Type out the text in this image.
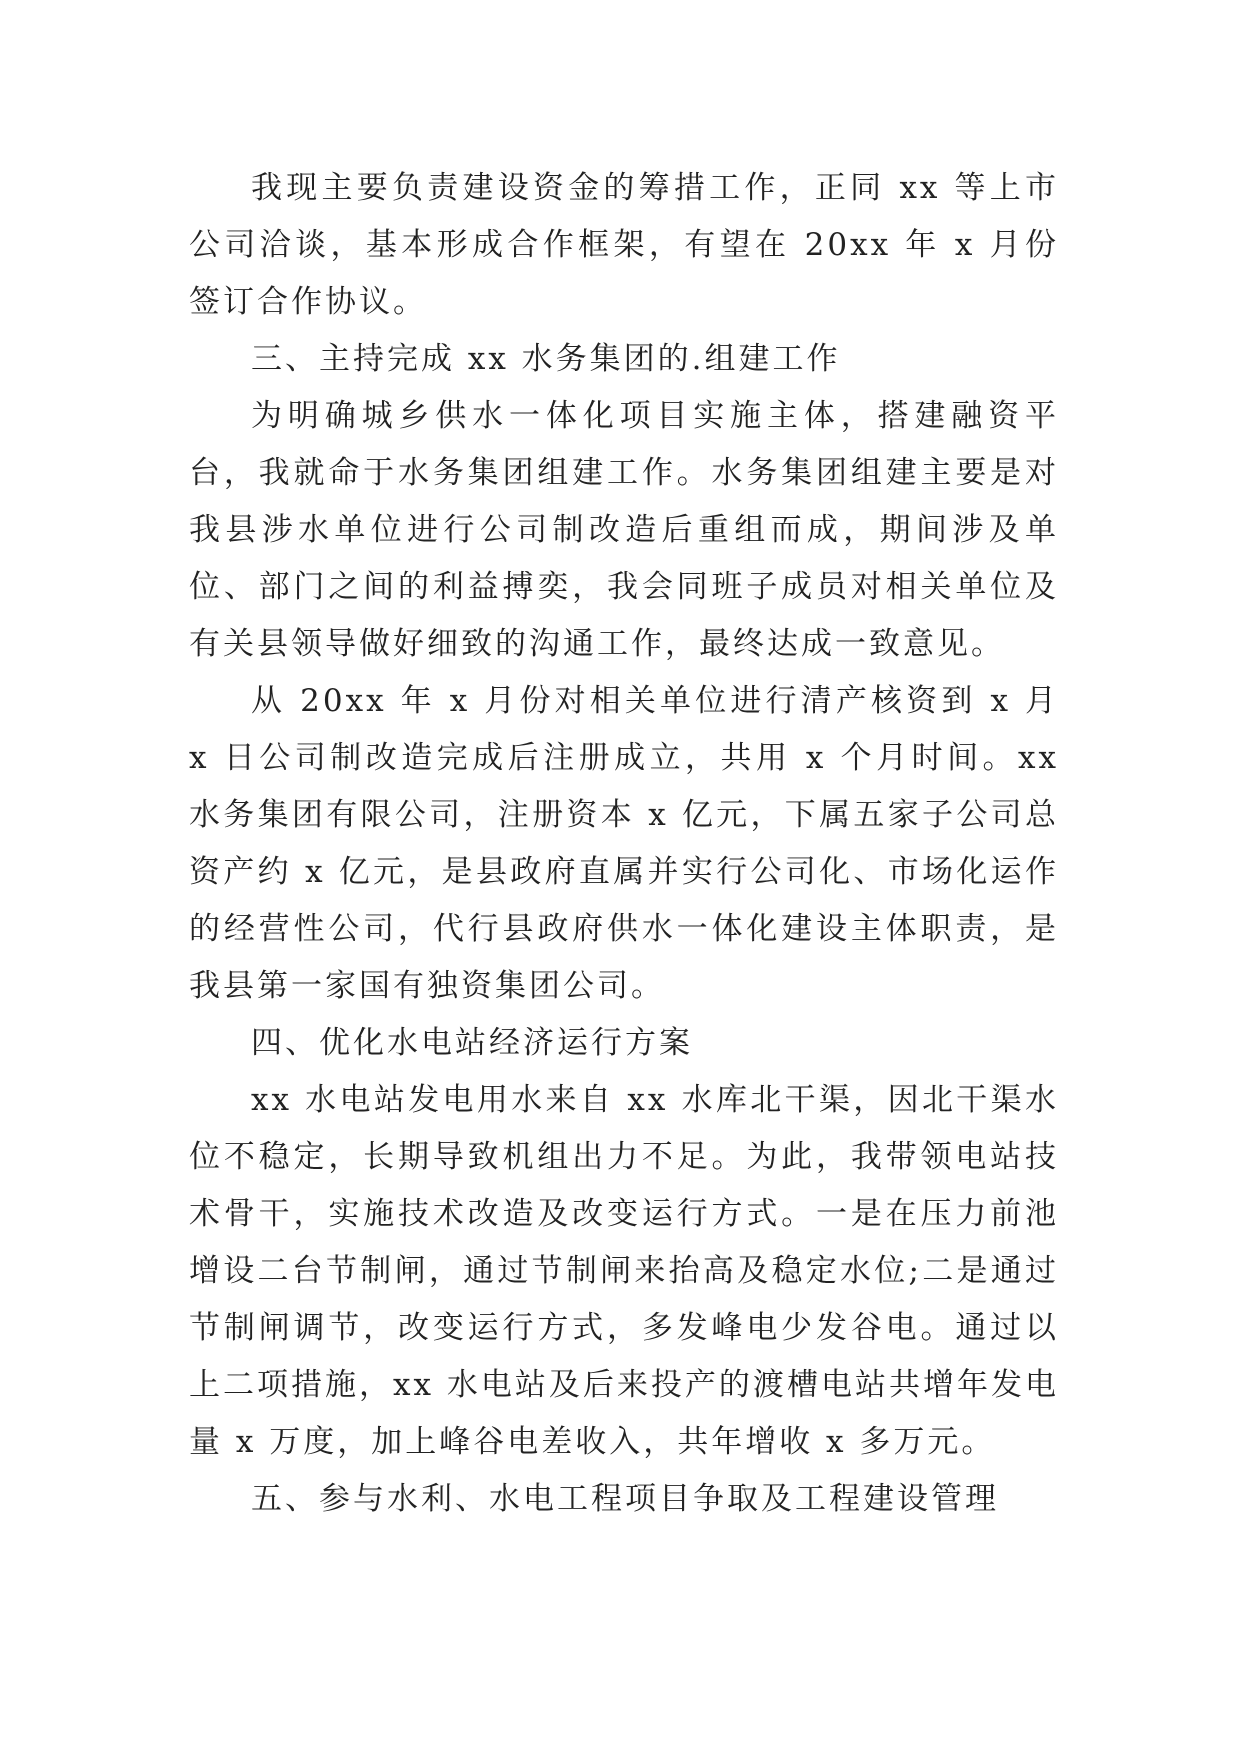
我现主要负责建设资金的筹措工作，正同 xx 等上市公司洽谈，基本形成合作框架，有望在 20xx 年 x 月份签订合作协议。

三、主持完成 xx 水务集团的.组建工作

为明确城乡供水一体化项目实施主体，搭建融资平台，我就命于水务集团组建工作。水务集团组建主要是对我县涉水单位进行公司制改造后重组而成，期间涉及单位、部门之间的利益搏奕，我会同班子成员对相关单位及有关县领导做好细致的沟通工作，最终达成一致意见。

从 20xx 年 x 月份对相关单位进行清产核资到 x 月 x 日公司制改造完成后注册成立，共用 x 个月时间。xx 水务集团有限公司，注册资本 x 亿元，下属五家子公司总资产约 x 亿元，是县政府直属并实行公司化、市场化运作的经营性公司，代行县政府供水一体化建设主体职责，是我县第一家国有独资集团公司。

四、优化水电站经济运行方案

xx 水电站发电用水来自 xx 水库北干渠，因北干渠水位不稳定，长期导致机组出力不足。为此，我带领电站技术骨干，实施技术改造及改变运行方式。一是在压力前池增设二台节制闸，通过节制闸来抬高及稳定水位;二是通过节制闸调节，改变运行方式，多发峰电少发谷电。通过以上二项措施，xx 水电站及后来投产的渡槽电站共增年发电量 x 万度，加上峰谷电差收入，共年增收 x 多万元。

五、参与水利、水电工程项目争取及工程建设管理
